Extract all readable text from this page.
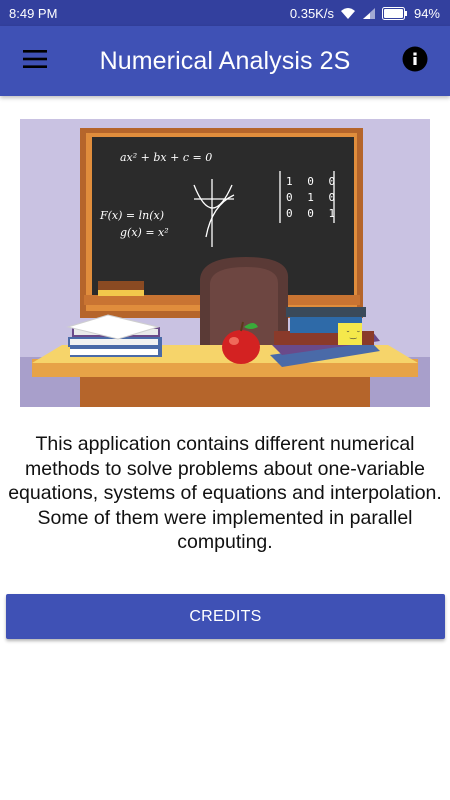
8:49 PM	0.35K/s	94%
Numerical Analysis 2S
ax² + bx + c = 0
F(x) = ln(x)
g(x) = x²
1 0 0
0 1 0
0 0 1
˘‿˘

This application contains different numerical methods to solve problems about one-variable equations, systems of equations and interpolation. Some of them were implemented in parallel computing.

CREDITS
